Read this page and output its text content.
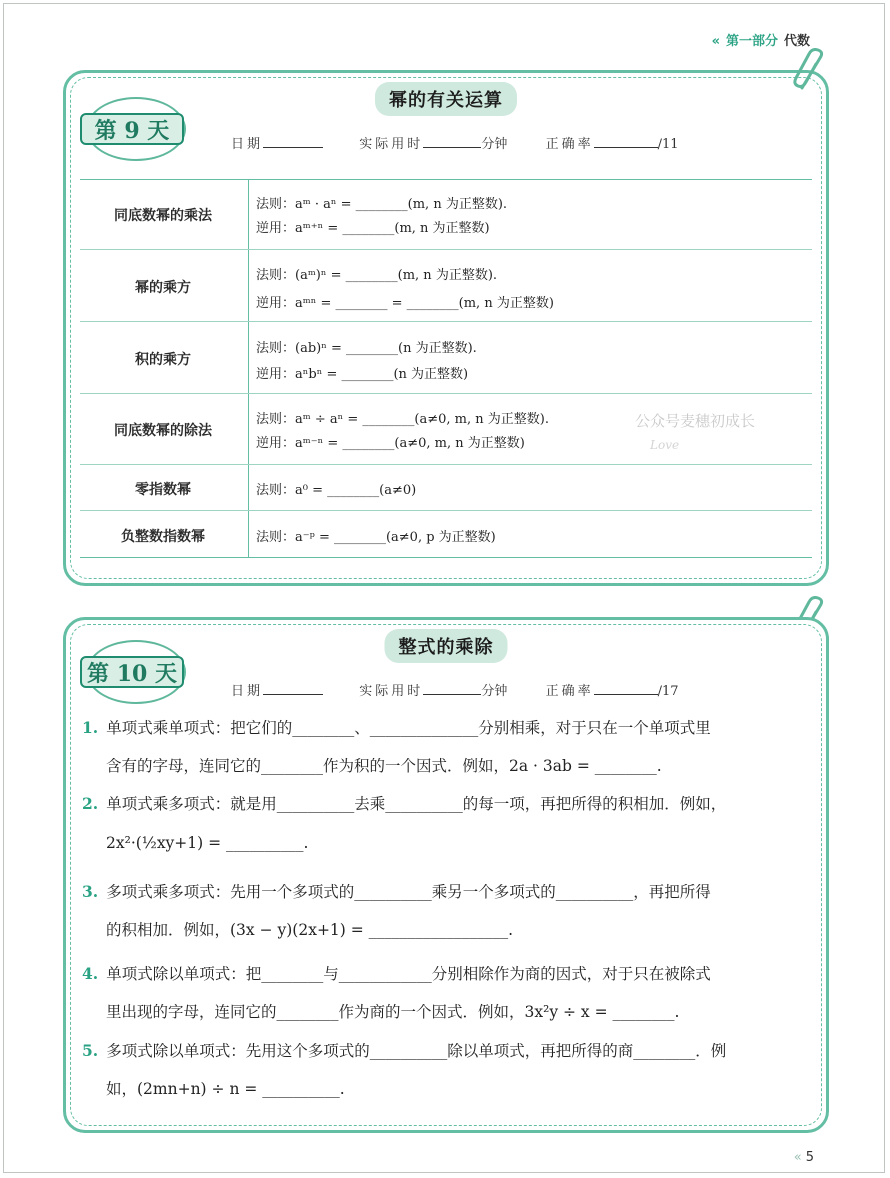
« 第一部分 代数
幂的有关运算
第 9 天
日期	实际用时	分钟	正确率	/11
同底数幂的乘法
法则：aᵐ · aⁿ = ________(m, n 为正整数).
逆用：aᵐ⁺ⁿ = ________(m, n 为正整数)
幂的乘方
法则：(aᵐ)ⁿ = ________(m, n 为正整数).
逆用：aᵐⁿ = ________ = ________(m, n 为正整数)
积的乘方
法则：(ab)ⁿ = ________(n 为正整数).
逆用：aⁿbⁿ = ________(n 为正整数)
同底数幂的除法
法则：aᵐ ÷ aⁿ = ________(a≠0, m, n 为正整数).
逆用：aᵐ⁻ⁿ = ________(a≠0, m, n 为正整数)
零指数幂	法则：a⁰ = ________(a≠0)
负整数指数幂	法则：a⁻ᵖ = ________(a≠0, p 为正整数)
公众号麦穗初成长
Love
整式的乘除
第 10 天
日期	实际用时	分钟	正确率	/17
1. 单项式乘单项式：把它们的________、______________分别相乘，对于只在一个单项式里
含有的字母，连同它的________作为积的一个因式．例如，2a · 3ab = ________.
2. 单项式乘多项式：就是用__________去乘__________的每一项，再把所得的积相加．例如，
2x²·(½xy+1) = __________.
3. 多项式乘多项式：先用一个多项式的__________乘另一个多项式的__________，再把所得
的积相加．例如，(3x − y)(2x+1) = __________________.
4. 单项式除以单项式：把________与____________分别相除作为商的因式，对于只在被除式
里出现的字母，连同它的________作为商的一个因式．例如，3x²y ÷ x = ________.
5. 多项式除以单项式：先用这个多项式的__________除以单项式，再把所得的商________．例
如，(2mn+n) ÷ n = __________.
« 5
